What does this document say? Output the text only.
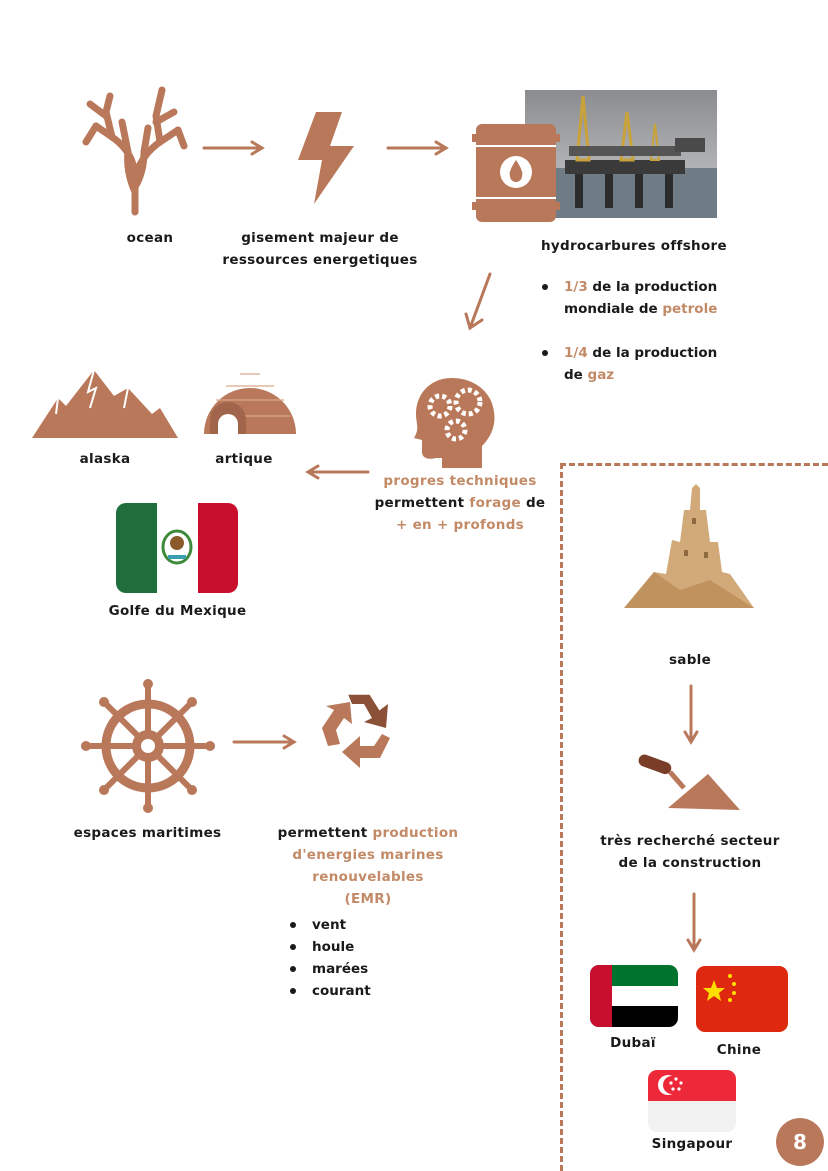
ocean	gisement majeur de
ressources energetiques
hydrocarbures offshore
1/3 de la production
mondiale de petrole
1/4 de la production
de gaz
alaska	artique
progres techniques
permettent forage de
+ en + profonds
Golfe du Mexique
espaces maritimes	permettent production
d'energies marines
renouvelables
(EMR)
vent
houle
marées
courant
sable
très recherché secteur
de la construction
Dubaï	Chine
Singapour	8
